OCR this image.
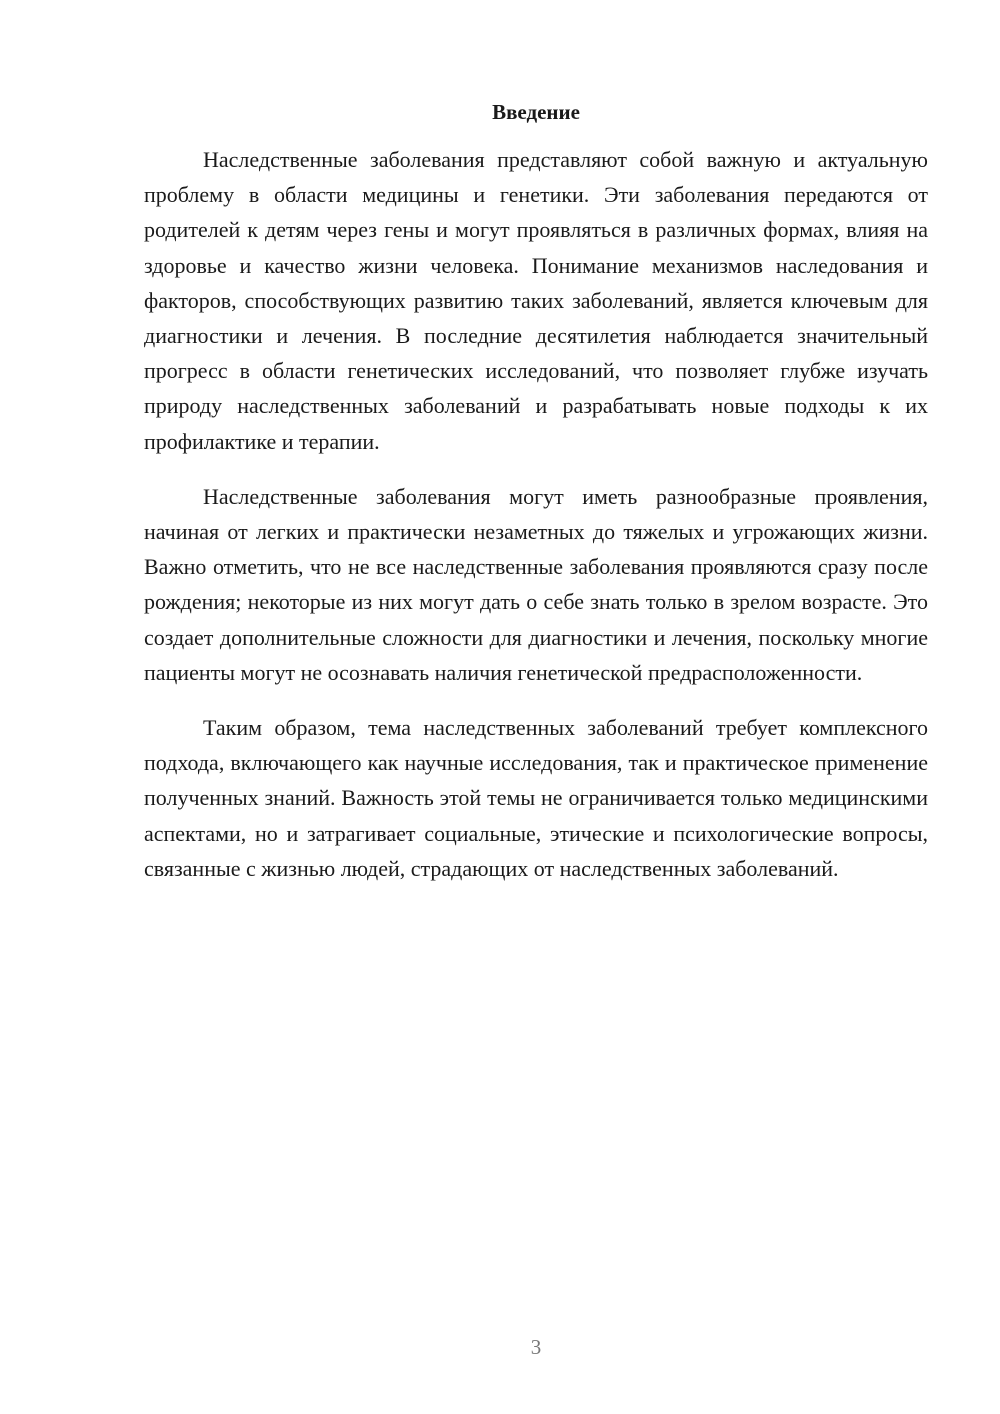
Введение

Наследственные заболевания представляют собой важную и актуальную проблему в области медицины и генетики. Эти заболевания передаются от родителей к детям через гены и могут проявляться в различных формах, влияя на здоровье и качество жизни человека. Понимание механизмов наследования и факторов, способствующих развитию таких заболеваний, является ключевым для диагностики и лечения. В последние десятилетия наблюдается значительный прогресс в области генетических исследований, что позволяет глубже изучать природу наследственных заболеваний и разрабатывать новые подходы к их профилактике и терапии.

Наследственные заболевания могут иметь разнообразные проявления, начиная от легких и практически незаметных до тяжелых и угрожающих жизни. Важно отметить, что не все наследственные заболевания проявляются сразу после рождения; некоторые из них могут дать о себе знать только в зрелом возрасте. Это создает дополнительные сложности для диагностики и лечения, поскольку многие пациенты могут не осознавать наличия генетической предрасположенности.

Таким образом, тема наследственных заболеваний требует комплексного подхода, включающего как научные исследования, так и практическое применение полученных знаний. Важность этой темы не ограничивается только медицинскими аспектами, но и затрагивает социальные, этические и психологические вопросы, связанные с жизнью людей, страдающих от наследственных заболеваний.

3
